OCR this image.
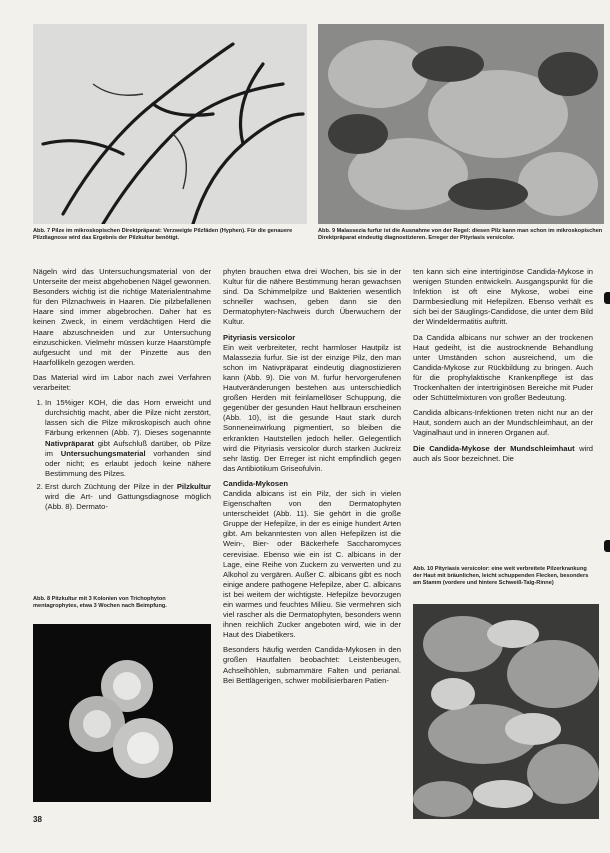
Abb. 7 Pilze im mikroskopischen Direktpräparat: Verzweigte Pilzfäden (Hyphen). Für die genauere Pilzdiagnose wird das Ergebnis der Pilzkultur benötigt.
Abb. 9 Malassezia furfur ist die Ausnahme von der Regel: diesen Pilz kann man schon im mikroskopischen Direktpräparat eindeutig diagnostizieren. Erreger der Pityriasis versicolor.

Nägeln wird das Untersuchungsmaterial von der Unterseite der meist abgehobenen Nägel gewonnen. Besonders wichtig ist die richtige Materialentnahme für den Pilznachweis in Haaren. Die pilzbefallenen Haare sind immer abgebrochen. Daher hat es keinen Zweck, in einem verdächtigen Herd die Haare abzuschneiden und zur Untersuchung einzuschicken. Vielmehr müssen kurze Haarstümpfe aufgesucht und mit der Pinzette aus den Haarfollikeln gezogen werden.

Das Material wird im Labor nach zwei Verfahren verarbeitet:

1. In 15%iger KOH, die das Horn erweicht und durchsichtig macht, aber die Pilze nicht zerstört, lassen sich die Pilze mikroskopisch auch ohne Färbung erkennen (Abb. 7). Dieses sogenannte Nativpräparat gibt Aufschluß darüber, ob Pilze im Untersuchungsmaterial vorhanden sind oder nicht; es erlaubt jedoch keine nähere Bestimmung des Pilzes.
2. Erst durch Züchtung der Pilze in der Pilzkultur wird die Art- und Gattungsdiagnose möglich (Abb. 8). Dermato-
Abb. 8 Pitzkultur mit 3 Kolonien von Trichophyton mentagrophytes, etwa 3 Wochen nach Beimpfung.

phyten brauchen etwa drei Wochen, bis sie in der Kultur für die nähere Bestimmung heran gewachsen sind. Da Schimmelpilze und Bakterien wesentlich schneller wachsen, geben dann sie den Dermatophyten-Nachweis durch Überwuchern der Kultur.

Pityriasis versicolor

Ein weit verbreiteter, recht harmloser Hautpilz ist Malassezia furfur. Sie ist der einzige Pilz, den man schon im Nativpräparat eindeutig diagnostizieren kann (Abb. 9). Die von M. furfur hervorgerufenen Hautveränderungen bestehen aus unterschiedlich großen Herden mit feinlamellöser Schuppung, die gegenüber der gesunden Haut hellbraun erscheinen (Abb. 10), ist die gesunde Haut stark durch Sonneneinwirkung pigmentiert, so bleiben die erkrankten Hautstellen jedoch heller. Gelegentlich wird die Pityriasis versicolor durch starken Juckreiz sehr lästig. Der Erreger ist nicht empfindlich gegen das Antibiotikum Griseofulvin.

Candida-Mykosen

Candida albicans ist ein Pilz, der sich in vielen Eigenschaften von den Dermatophyten unterscheidet (Abb. 11). Sie gehört in die große Gruppe der Hefepilze, in der es einige hundert Arten gibt. Am bekanntesten von allen Hefepilzen ist die Wein-, Bier- oder Bäckerhefe Saccharomyces cerevisiae. Ebenso wie ein ist C. albicans in der Lage, eine Reihe von Zuckern zu verwerten und zu Alkohol zu vergären. Außer C. albicans gibt es noch einige andere pathogene Hefepilze, aber C. albicans ist bei weitem der wichtigste. Hefepilze bevorzugen ein warmes und feuchtes Milieu. Sie vermehren sich viel rascher als die Dermatophyten, besonders wenn ihnen reichlich Zucker angeboten wird, wie in der Haut des Diabetikers.

Besonders häufig werden Candida-Mykosen in den großen Hautfalten beobachtet: Leistenbeugen, Achselhöhlen, submammäre Falten und perianal. Bei Bettlägerigen, schwer mobilisierbaren Patien-

ten kann sich eine intertriginöse Candida-Mykose in wenigen Stunden entwickeln. Ausgangspunkt für die Infektion ist oft eine Mykose, wobei eine Darmbesiedlung mit Hefepilzen. Ebenso verhält es sich bei der Säuglings-Candidose, die unter dem Bild der Windeldermatitis auftritt.

Da Candida albicans nur schwer an der trockenen Haut gedeiht, ist die austrocknende Behandlung unter Umständen schon ausreichend, um die Candida-Mykose zur Rückbildung zu bringen. Auch für die prophylaktische Krankenpflege ist das Trockenhalten der intertriginösen Bereiche mit Puder oder Schüttelmixturen von großer Bedeutung.

Candida albicans-Infektionen treten nicht nur an der Haut, sondern auch an der Mundschleimhaut, an der Vaginalhaut und in inneren Organen auf.

Die Candida-Mykose der Mundschleimhaut wird auch als Soor bezeichnet. Die

Abb. 10 Pityriasis versicolor: eine weit verbreitete Pilzerkrankung der Haut mit bräunlichen, leicht schuppenden Flecken, besonders am Stamm (vordere und hintere Schweiß-Talg-Rinne)
38
